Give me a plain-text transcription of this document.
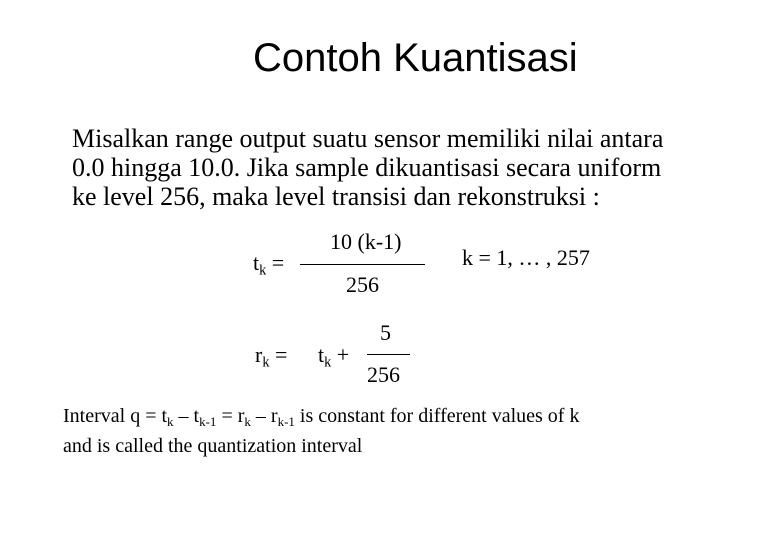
Contoh Kuantisasi
Misalkan range output suatu sensor memiliki nilai antara
0.0 hingga 10.0. Jika sample dikuantisasi secara uniform
ke level 256, maka level transisi dan rekonstruksi :
$t_k$ =
10 (k-1)
256
k = 1, … , 257
$r_k = t_k$ +
5
256
Interval $q = t_k - t_{k-1} = r_k - r_{k-1}$ is constant for different values of k
and is called the quantization interval
